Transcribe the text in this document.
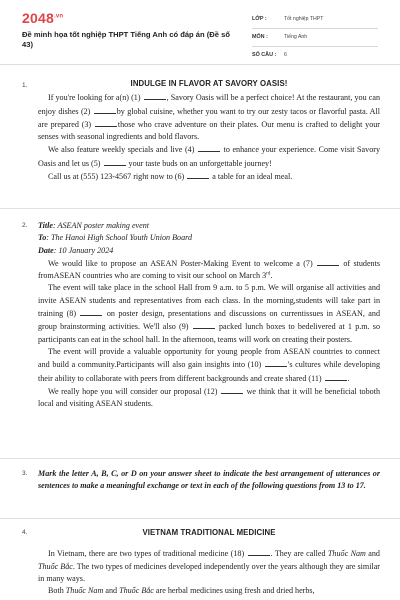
$2048^{.vn}$
Đề minh họa tốt nghiệp THPT Tiếng Anh có đáp án (Đề số 43)
LỚP :	Tốt nghiệp THPT
MÔN :	Tiếng Anh
SỐ CÂU : 6
1.	INDULGE IN FLAVOR AT SAVORY OASIS!

If you're looking for a(n) (1)	, Savory Oasis will be a perfect choice! At the restaurant, you can enjoy dishes (2)	by global cuisine, whether you want to try our zesty tacos or flavorful pasta. All are prepared (3)	those who crave adventure on their plates. Our menu is crafted to delight your senses with seasonal ingredients and bold flavors.

We also feature weekly specials and live (4)	to enhance your experience. Come visit Savory Oasis and let us (5)	your taste buds on an unforgettable journey!

Call us at (555) 123-4567 right now to (6)	a table for an ideal meal.

2. Title: ASEAN poster making event

To: The Hanoi High School Youth Union Board

Date: 10 January 2024

We would like to propose an ASEAN Poster-Making Event to welcome a (7)	of students fromASEAN countries who are coming to visit our school on March 3rd.

The event will take place in the school Hall from 9 a.m. to 5 p.m. We will organise all activities and invite ASEAN students and representatives from each class. In the morning,students will take part in training (8)	on poster design, presentations and discussions on currentissues in ASEAN, and group brainstorming activities. We'll also (9)	packed lunch boxes to bedelivered at 1 p.m. so participants can eat in the school hall. In the afternoon, teams will work on creating their posters.

The event will provide a valuable opportunity for young people from ASEAN countries to connect and build a community.Participants will also gain insights into (10)	's cultures while developing their ability to collaborate with peers from different backgrounds and create shared (11)	.

We really hope you will consider our proposal (12)	we think that it will be beneficial toboth local and visiting ASEAN students.

3. Mark the letter A, B, C, or D on your answer sheet to indicate the best arrangement of utterances or sentences to make a meaningful exchange or text in each of the following questions from 13 to 17.

4.	VIETNAM TRADITIONAL MEDICINE

In Vietnam, there are two types of traditional medicine (18)	. They are called Thuốc Nam and Thuốc Bắc. The two types of medicines developed independently over the years although they are similar in many ways.

Both Thuốc Nam and Thuốc Bắc are herbal medicines using fresh and dried herbs,
